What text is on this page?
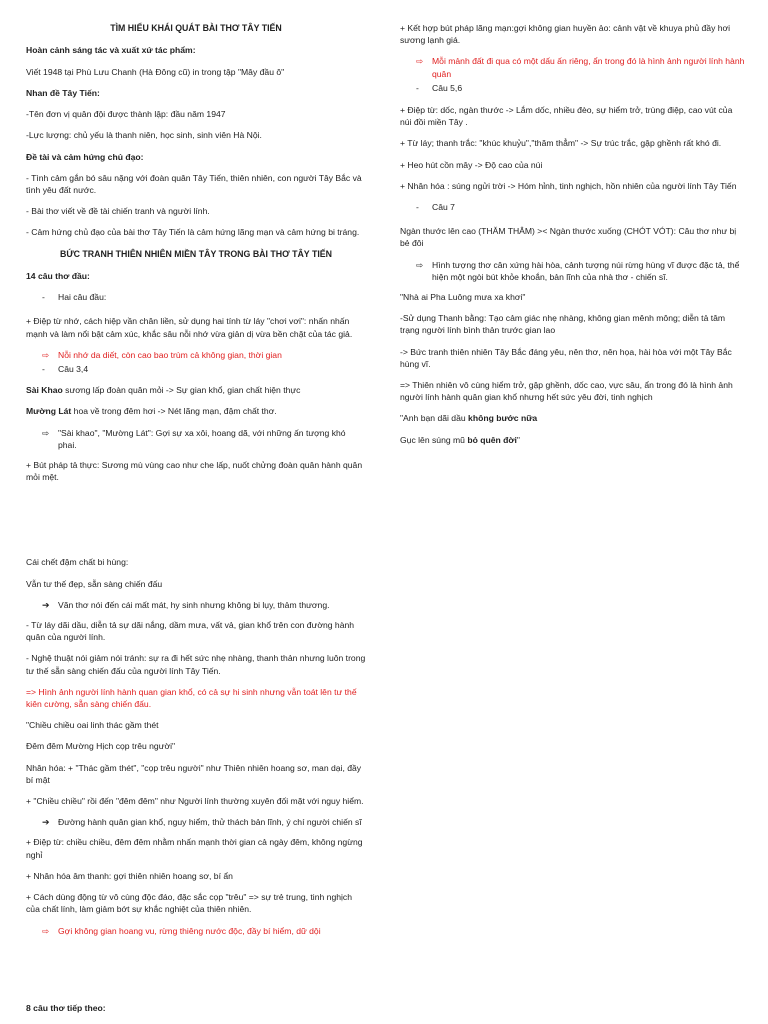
TÌM HIỂU KHÁI QUÁT BÀI THƠ TÂY TIẾN
Hoàn cảnh sáng tác và xuất xứ tác phẩm:
Viết 1948 tại Phù Lưu Chanh (Hà Đông cũ) in trong tập "Mây đầu ô"
Nhan đề Tây Tiến:
-Tên đơn vị quân đội được thành lập: đầu năm 1947
-Lực lượng: chủ yếu là thanh niên, học sinh, sinh viên Hà Nội.
Đề tài và cảm hứng chủ đạo:
- Tình cảm gắn bó sâu nặng với đoàn quân Tây Tiến, thiên nhiên, con người Tây Bắc và tình yêu đất nước.
- Bài thơ viết về đề tài chiến tranh và người lính.
- Cảm hứng chủ đạo của bài thơ Tây Tiến là cảm hứng lãng mạn và cảm hứng bi tráng.
BỨC TRANH THIÊN NHIÊN MIỀN TÂY TRONG BÀI THƠ TÂY TIẾN
14 câu thơ đầu:
- Hai câu đầu:
+ Điệp từ nhớ, cách hiệp vần chân liền, sử dụng hai tính từ láy "chơi vơi": nhấn nhấn mạnh và làm nổi bật cảm xúc, khắc sâu nỗi nhớ vừa giản dị vừa bền chặt của tác giả.
⇨ Nỗi nhớ da diết, còn cao bao trùm cả không gian, thời gian
- Câu 3,4
Sài Khao sương lấp đoàn quân mỏi -> Sự gian khổ, gian chất hiện thực
Mường Lát hoa về trong đêm hơi -> Nét lãng mạn, đậm chất thơ.
⇨ "Sài khao", "Mường Lát": Gợi sự xa xôi, hoang dã, với những ấn tượng khó phai.
+ Bút pháp tả thực: Sương mù vùng cao như che lấp, nuốt chửng đoàn quân hành quân mỏi mệt.
Cái chết đậm chất bi hùng:
Vẫn tư thế đẹp, sẵn sàng chiến đấu
➔ Văn thơ nói đến cái mất mát, hy sinh nhưng không bi lụy, thảm thương.
- Từ láy dãi dầu, diễn tả sự dãi nắng, dầm mưa, vất vả, gian khổ trên con đường hành quân của người lính.
- Nghệ thuật nói giảm nói tránh: sự ra đi hết sức nhẹ nhàng, thanh thản nhưng luôn trong tư thế sẵn sàng chiến đấu của người lính Tây Tiến.
=> Hình ảnh người lính hành quan gian khổ, có cả sự hi sinh nhưng vẫn toát lên tư thế kiên cường, sẵn sàng chiến đấu.
"Chiều chiều oai linh thác gầm thét
Đêm đêm Mường Hịch cọp trêu người"
Nhân hóa: + "Thác gầm thét", "cọp trêu người" như Thiên nhiên hoang sơ, man dại, đầy bí mật
+ "Chiều chiều" rồi đến "đêm đêm" như Người lính thường xuyên đối mặt với nguy hiểm.
➔ Đường hành quân gian khổ, nguy hiểm, thử thách bản lĩnh, ý chí người chiến sĩ
+ Điệp từ: chiều chiều, đêm đêm nhằm nhấn mạnh thời gian cả ngày đêm, không ngừng nghỉ
+ Nhân hóa âm thanh: gợi thiên nhiên hoang sơ, bí ẩn
+ Cách dùng động từ vô cùng độc đáo, đặc sắc cọp "trêu" => sự trẻ trung, tinh nghịch của chất lính, làm giảm bớt sự khắc nghiệt của thiên nhiên.
⇨ Gợi không gian hoang vu, rừng thiêng nước độc, đầy bí hiểm, dữ dội
8 câu thơ tiếp theo:
+ Kết hợp bút pháp lãng mạn:gợi không gian huyền ảo: cảnh vật về khuya phủ đầy hơi sương lạnh giá.
⇨ Mỗi mảnh đất đi qua có một dấu ấn riêng, ẩn trong đó là hình ảnh người lính hành quân
- Câu 5,6
+ Điệp từ: dốc, ngàn thước -> Lắm dốc, nhiều đèo, sự hiểm trở, trùng điệp, cao vút của núi đồi miền Tây .
+ Từ láy; thanh trắc: "khúc khuỷu","thăm thẳm" -> Sự trúc trắc, gập ghềnh rất khó đi.
+ Heo hút cồn mây -> Độ cao của núi
+ Nhân hóa : súng ngửi trời -> Hóm hỉnh, tinh nghịch, hồn nhiên của người lính Tây Tiến
- Câu 7
Ngàn thước lên cao (THĂM THẲM) >< Ngàn thước xuống (CHÓT VÓT): Câu thơ như bị bẻ đôi
⇨ Hình tượng thơ cân xứng hài hòa, cảnh tượng núi rừng hùng vĩ được đặc tả, thể hiện một ngòi bút khỏe khoắn, bản lĩnh của nhà thơ - chiến sĩ.
"Nhà ai Pha Luông mưa xa khơi"
-Sử dụng Thanh bằng: Tạo cảm giác nhẹ nhàng, không gian mênh mông; diễn tả tâm trạng người lính bình thản trước gian lao
-> Bức tranh thiên nhiên Tây Bắc đáng yêu, nên thơ, nên họa, hài hòa với một Tây Bắc hùng vĩ.
=> Thiên nhiên vô cùng hiểm trở, gập ghềnh, dốc cao, vực sâu, ẩn trong đó là hình ảnh người lính hành quân gian khổ nhưng hết sức yêu đời, tinh nghịch
"Anh bạn dãi dầu không bước nữa
Gục lên súng mũ bỏ quên đời"
